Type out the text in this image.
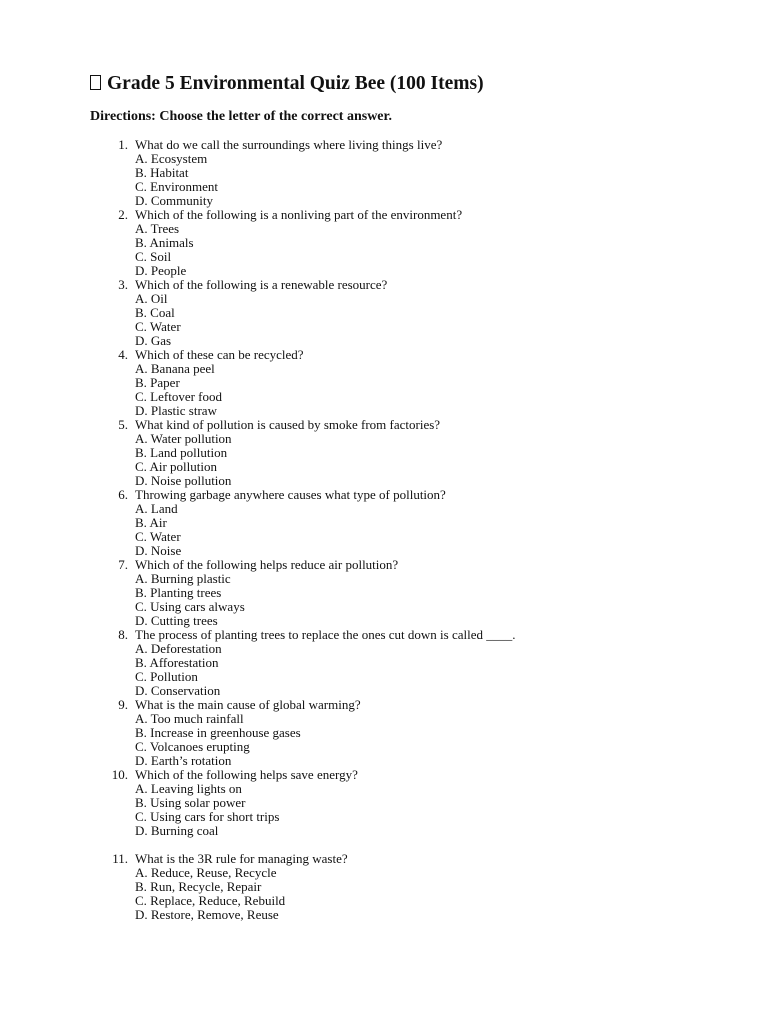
Grade 5 Environmental Quiz Bee (100 Items)
Directions: Choose the letter of the correct answer.
1. What do we call the surroundings where living things live?
A. Ecosystem
B. Habitat
C. Environment
D. Community
2. Which of the following is a nonliving part of the environment?
A. Trees
B. Animals
C. Soil
D. People
3. Which of the following is a renewable resource?
A. Oil
B. Coal
C. Water
D. Gas
4. Which of these can be recycled?
A. Banana peel
B. Paper
C. Leftover food
D. Plastic straw
5. What kind of pollution is caused by smoke from factories?
A. Water pollution
B. Land pollution
C. Air pollution
D. Noise pollution
6. Throwing garbage anywhere causes what type of pollution?
A. Land
B. Air
C. Water
D. Noise
7. Which of the following helps reduce air pollution?
A. Burning plastic
B. Planting trees
C. Using cars always
D. Cutting trees
8. The process of planting trees to replace the ones cut down is called ____.
A. Deforestation
B. Afforestation
C. Pollution
D. Conservation
9. What is the main cause of global warming?
A. Too much rainfall
B. Increase in greenhouse gases
C. Volcanoes erupting
D. Earth’s rotation
10. Which of the following helps save energy?
A. Leaving lights on
B. Using solar power
C. Using cars for short trips
D. Burning coal
11. What is the 3R rule for managing waste?
A. Reduce, Reuse, Recycle
B. Run, Recycle, Repair
C. Replace, Reduce, Rebuild
D. Restore, Remove, Reuse
